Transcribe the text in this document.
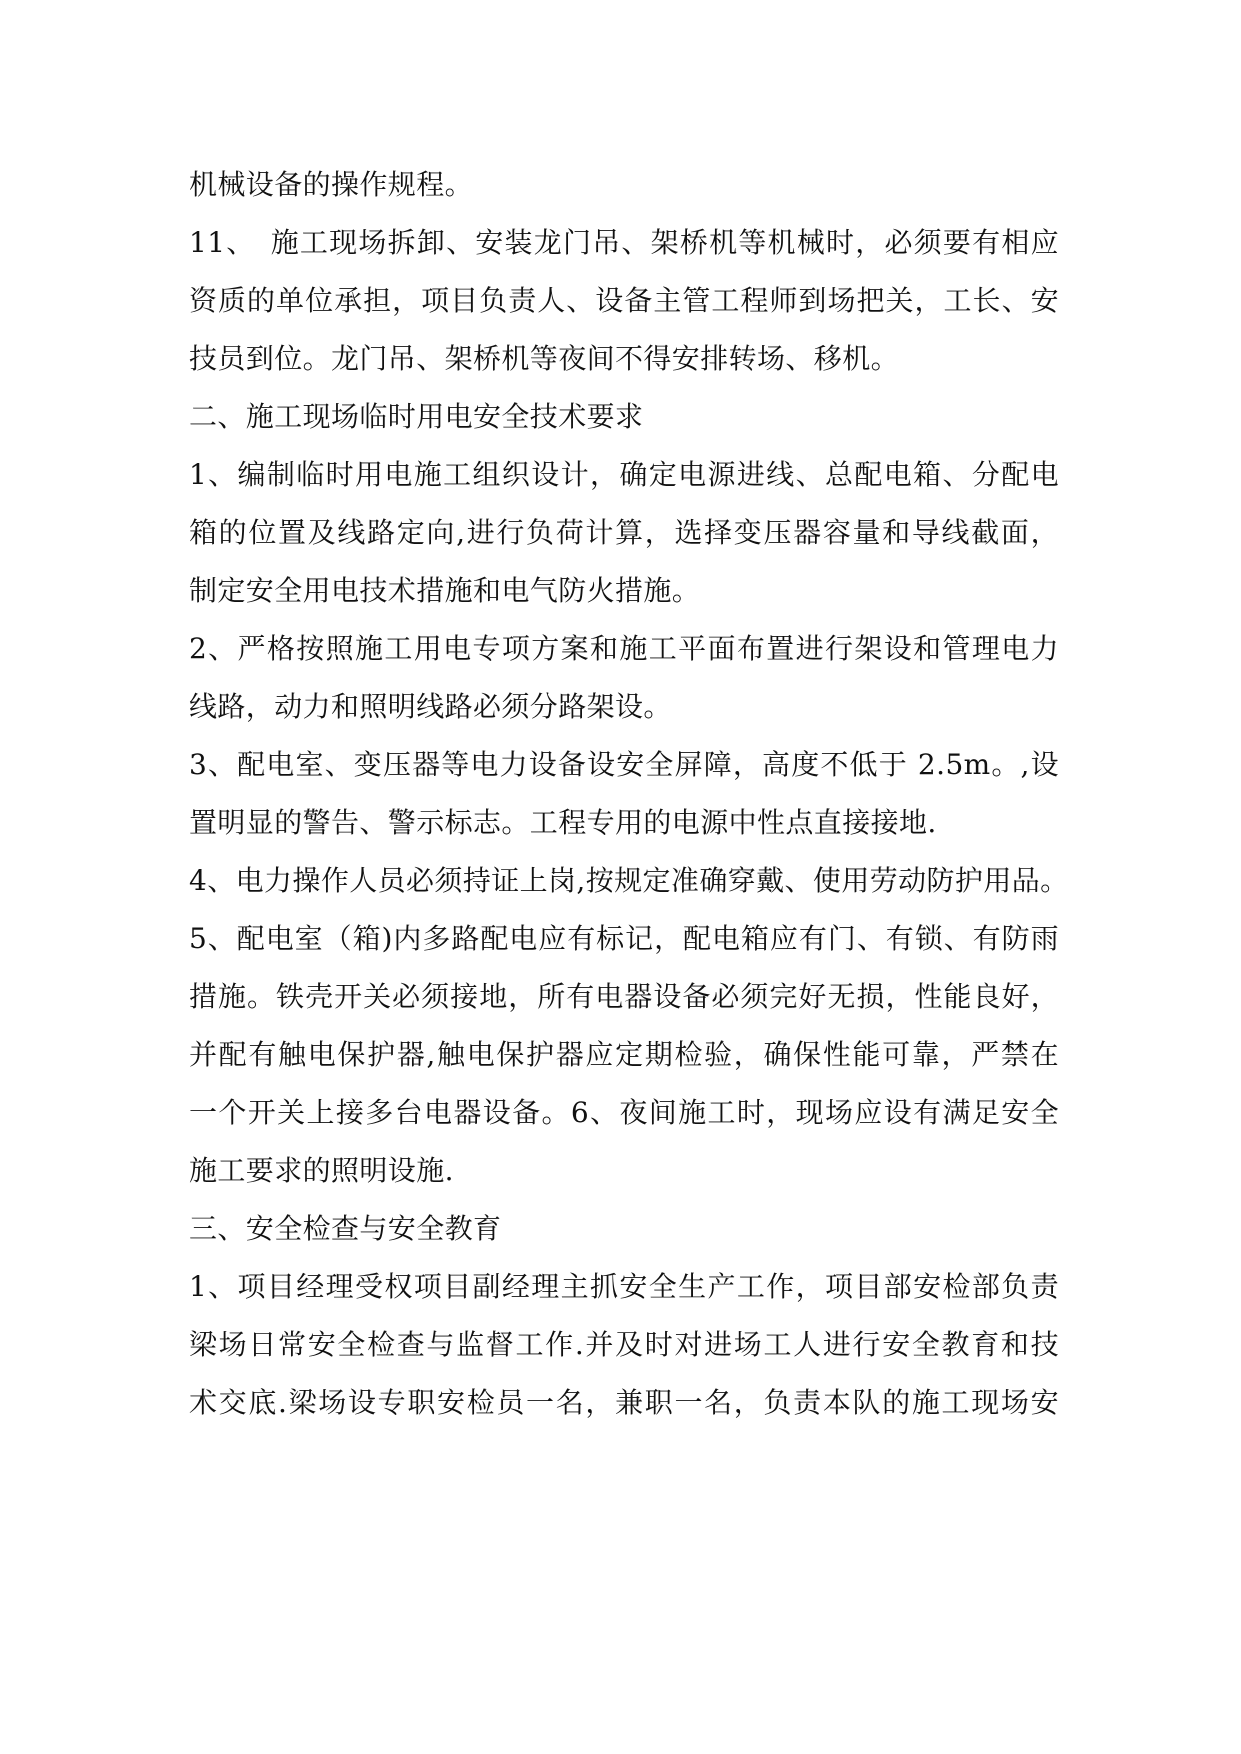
机械设备的操作规程。
11、　施工现场拆卸、安装龙门吊、架桥机等机械时，必须要有相应
资质的单位承担，项目负责人、设备主管工程师到场把关，工长、安
技员到位。龙门吊、架桥机等夜间不得安排转场、移机。
二、施工现场临时用电安全技术要求
1、编制临时用电施工组织设计，确定电源进线、总配电箱、分配电
箱的位置及线路定向,进行负荷计算，选择变压器容量和导线截面，
制定安全用电技术措施和电气防火措施。
2、严格按照施工用电专项方案和施工平面布置进行架设和管理电力
线路，动力和照明线路必须分路架设。
3、配电室、变压器等电力设备设安全屏障，高度不低于 2.5m。,设
置明显的警告、警示标志。工程专用的电源中性点直接接地.
4、电力操作人员必须持证上岗,按规定准确穿戴、使用劳动防护用品。
5、配电室（箱)内多路配电应有标记，配电箱应有门、有锁、有防雨
措施。铁壳开关必须接地，所有电器设备必须完好无损，性能良好，
并配有触电保护器,触电保护器应定期检验，确保性能可靠，严禁在
一个开关上接多台电器设备。6、夜间施工时，现场应设有满足安全
施工要求的照明设施.
三、安全检查与安全教育
1、项目经理受权项目副经理主抓安全生产工作，项目部安检部负责
梁场日常安全检查与监督工作.并及时对进场工人进行安全教育和技
术交底.梁场设专职安检员一名，兼职一名，负责本队的施工现场安
